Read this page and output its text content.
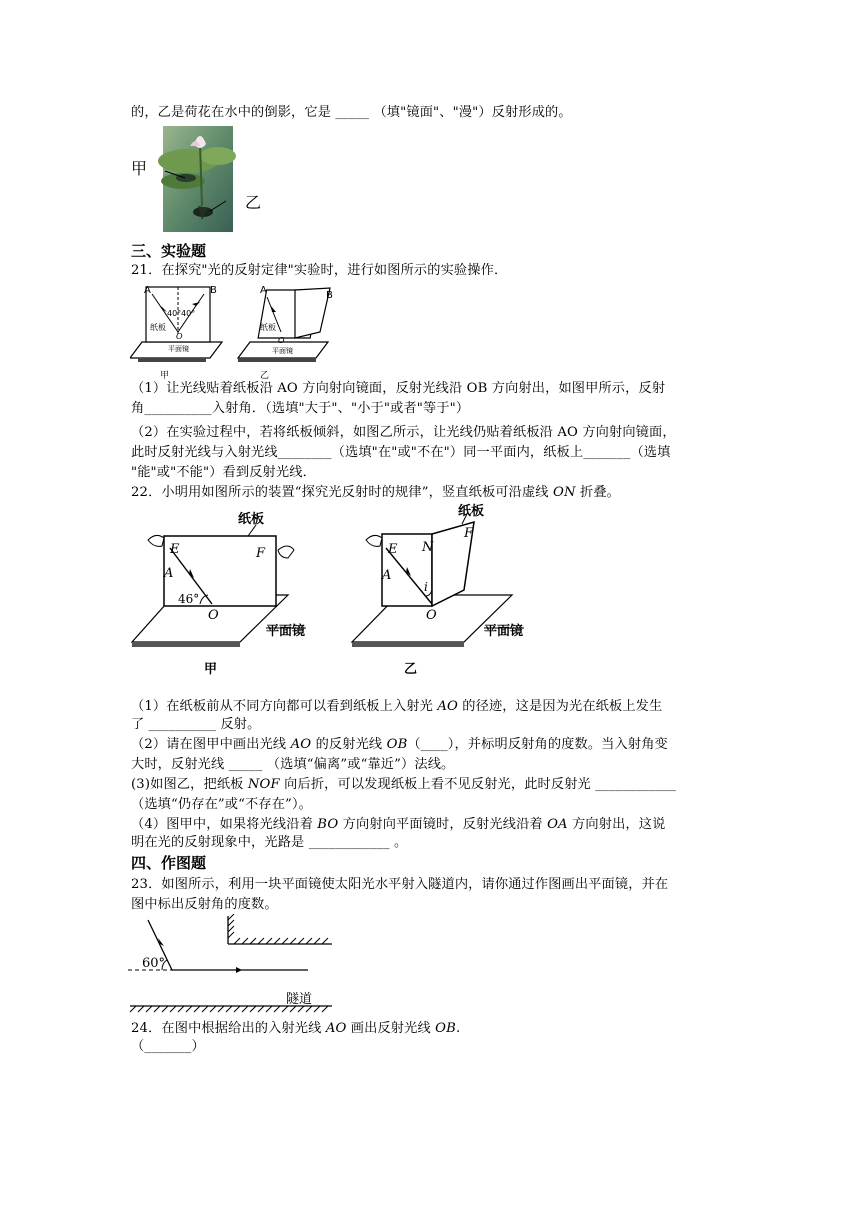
的，乙是荷花在水中的倒影，它是 _____ （填"镜面"、"漫"）反射形成的。
甲
乙
三、实验题
21．在探究"光的反射定律"实验时，进行如图所示的实验操作．
A	B
40° 40°
O
纸板
平面镜
甲
A	B
纸板
O
平面镜
乙
（1）让光线贴着纸板沿 AO 方向射向镜面，反射光线沿 OB 方向射出，如图甲所示，反射
角__________入射角．（选填"大于"、"小于"或者"等于"）
（2）在实验过程中，若将纸板倾斜，如图乙所示，让光线仍贴着纸板沿 AO 方向射向镜面，
此时反射光线与入射光线________（选填"在"或"不在"）同一平面内，纸板上_______（选填
"能"或"不能"）看到反射光线．
22．小明用如图所示的装置“探究光反射时的规律”，竖直纸板可沿虚线 ON 折叠。
纸板
E	F
A
46°
O
平面镜
甲
纸板
E N
F
A
i
O
平面镜
乙
（1）在纸板前从不同方向都可以看到纸板上入射光 AO 的径迹，这是因为光在纸板上发生
了 __________ 反射。
（2）请在图甲中画出光线 AO 的反射光线 OB（____），并标明反射角的度数。当入射角变
大时，反射光线 _____ （选填“偏离”或“靠近”）法线。
(3)如图乙，把纸板 NOF 向后折，可以发现纸板上看不见反射光，此时反射光 ____________
（选填“仍存在”或“不存在”）。
（4）图甲中，如果将光线沿着 BO 方向射向平面镜时，反射光线沿着 OA 方向射出，这说
明在光的反射现象中，光路是 ____________ 。
四、作图题
23．如图所示，利用一块平面镜使太阳光水平射入隧道内，请你通过作图画出平面镜，并在
图中标出反射角的度数。
60°
隧道
24．在图中根据给出的入射光线 AO 画出反射光线 OB.
（_______）
